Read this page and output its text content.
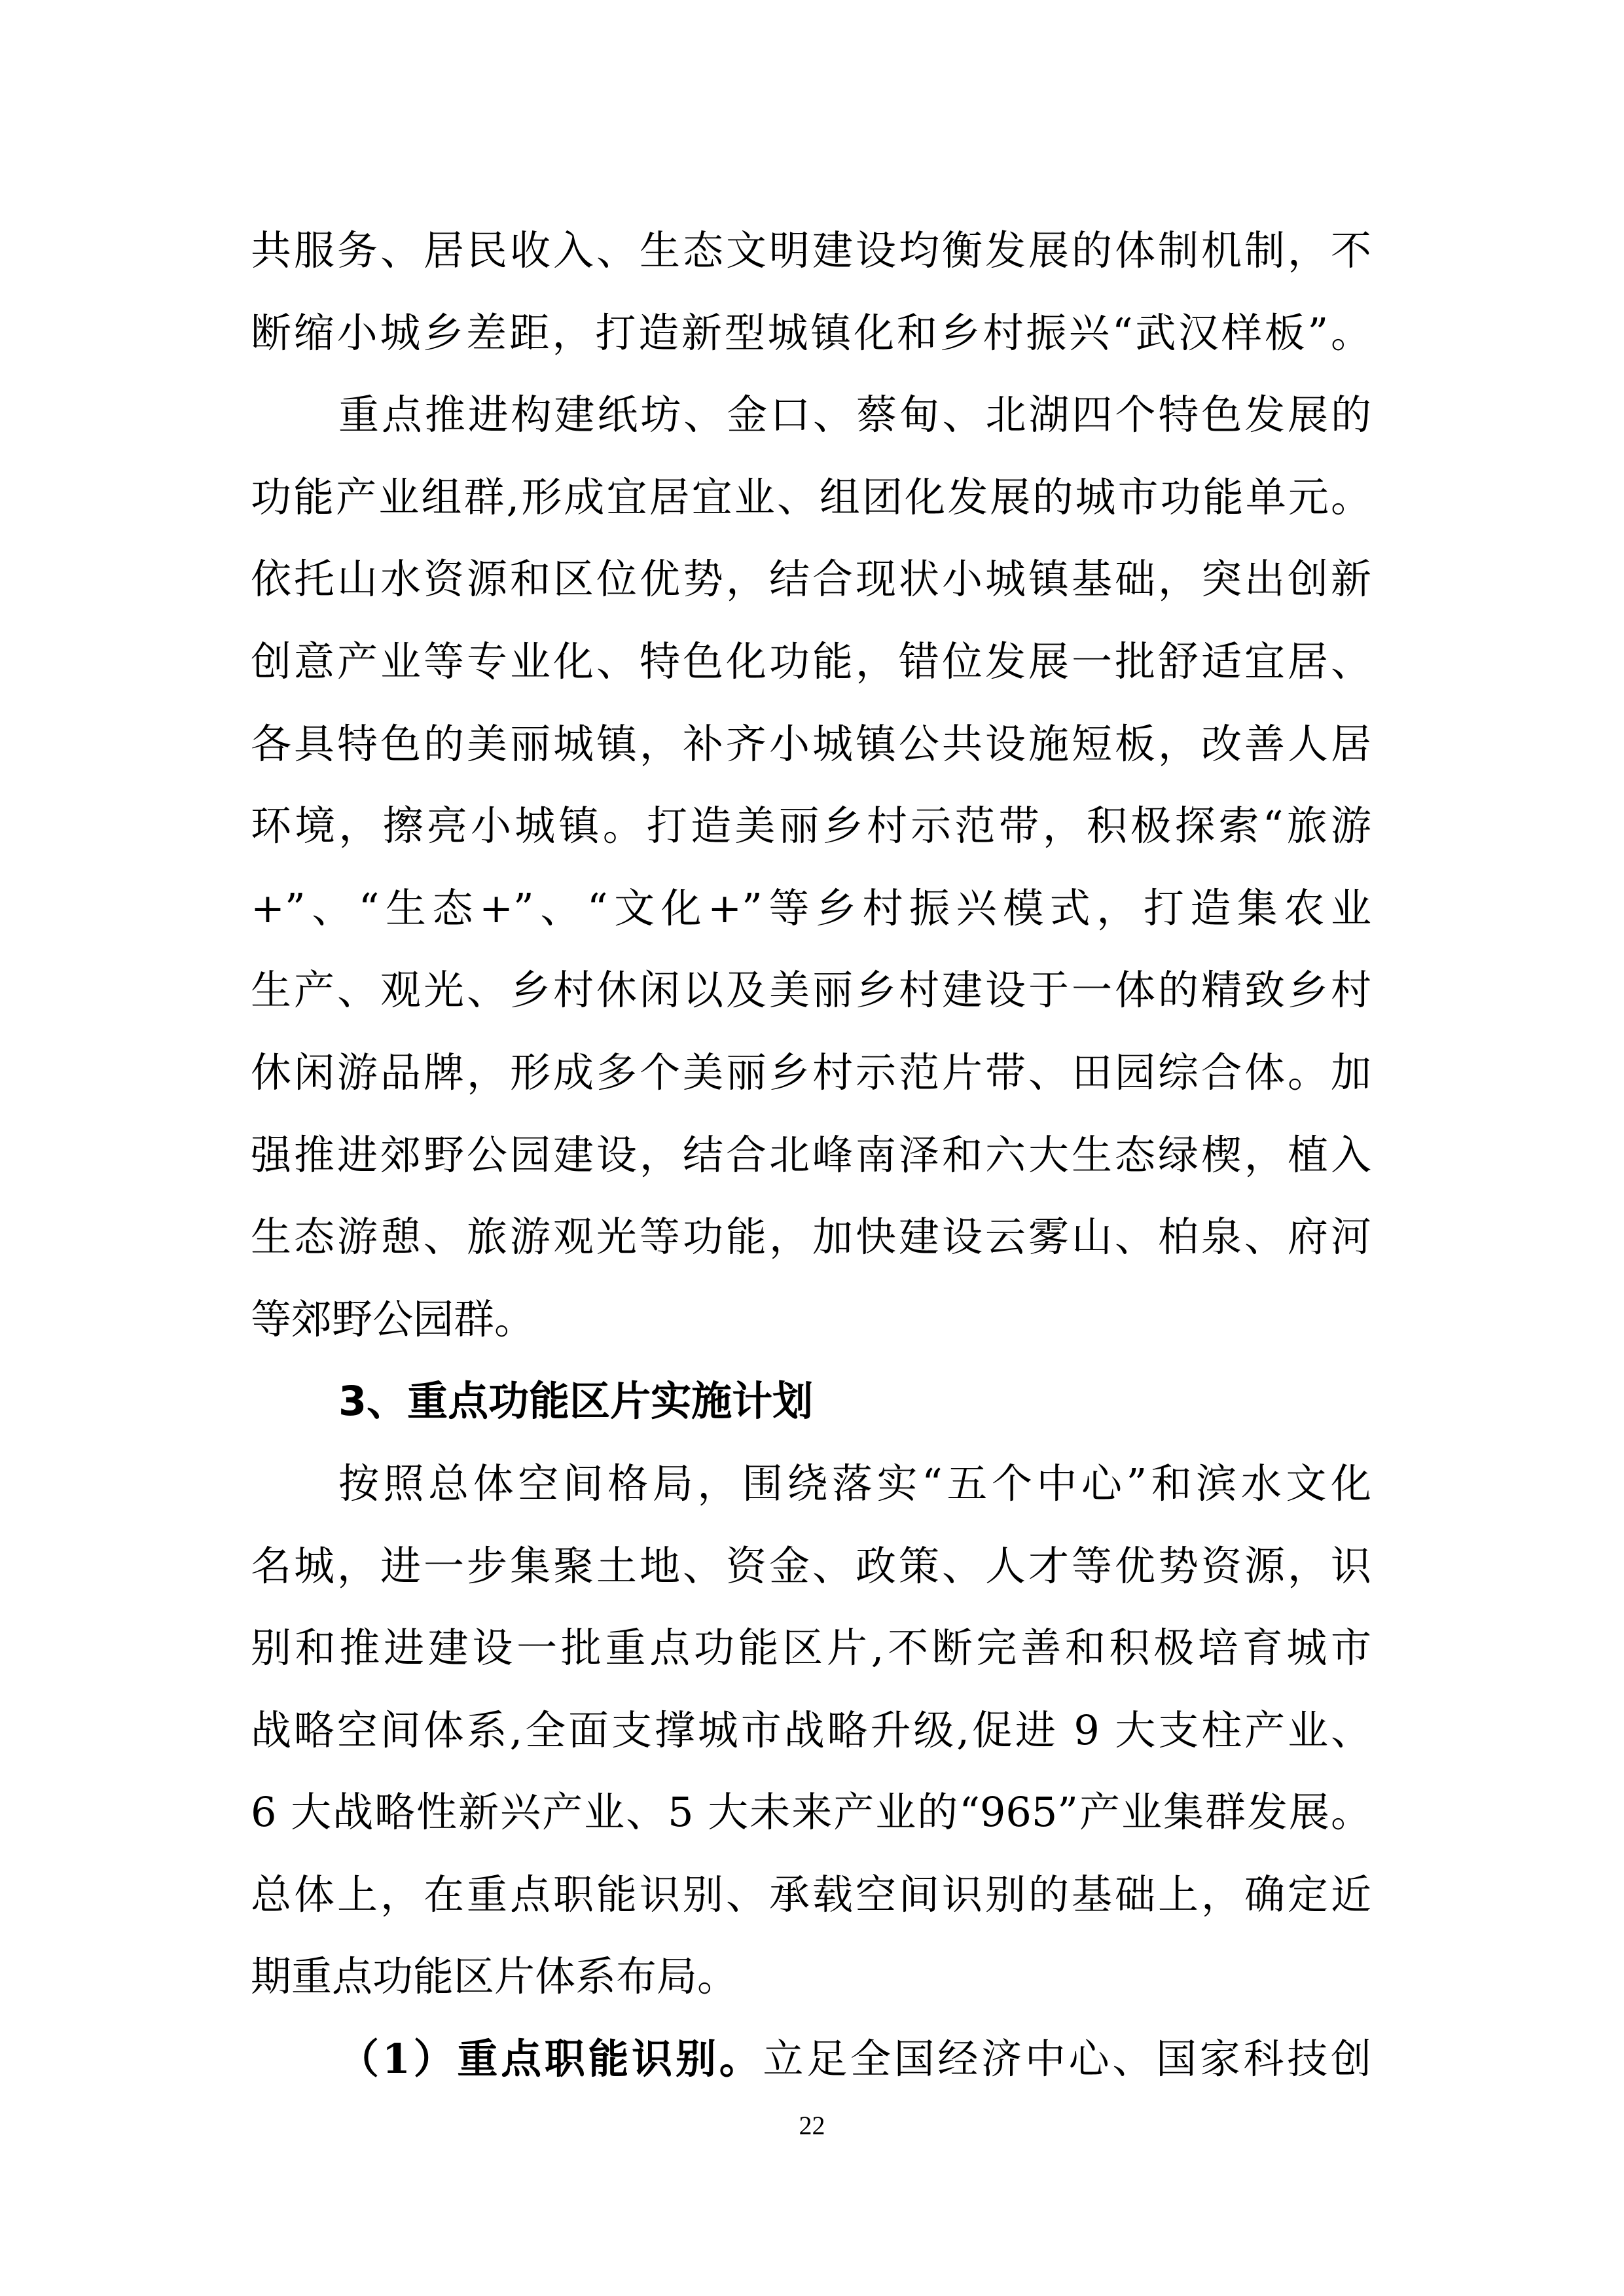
共服务、居民收入、生态文明建设均衡发展的体制机制，不
断缩小城乡差距，打造新型城镇化和乡村振兴“武汉样板”。
重点推进构建纸坊、金口、蔡甸、北湖四个特色发展的
功能产业组群,形成宜居宜业、组团化发展的城市功能单元。
依托山水资源和区位优势，结合现状小城镇基础，突出创新
创意产业等专业化、特色化功能，错位发展一批舒适宜居、
各具特色的美丽城镇，补齐小城镇公共设施短板，改善人居
环境，擦亮小城镇。打造美丽乡村示范带，积极探索“旅游
+”、“生态+”、“文化+”等乡村振兴模式，打造集农业
生产、观光、乡村休闲以及美丽乡村建设于一体的精致乡村
休闲游品牌，形成多个美丽乡村示范片带、田园综合体。加
强推进郊野公园建设，结合北峰南泽和六大生态绿楔，植入
生态游憩、旅游观光等功能，加快建设云雾山、柏泉、府河
等郊野公园群。
3、重点功能区片实施计划
按照总体空间格局，围绕落实“五个中心”和滨水文化
名城，进一步集聚土地、资金、政策、人才等优势资源，识
别和推进建设一批重点功能区片,不断完善和积极培育城市
战略空间体系,全面支撑城市战略升级,促进 9 大支柱产业、
6 大战略性新兴产业、5 大未来产业的“965”产业集群发展。
总体上，在重点职能识别、承载空间识别的基础上，确定近
期重点功能区片体系布局。
（1）重点职能识别。立足全国经济中心、国家科技创
22
